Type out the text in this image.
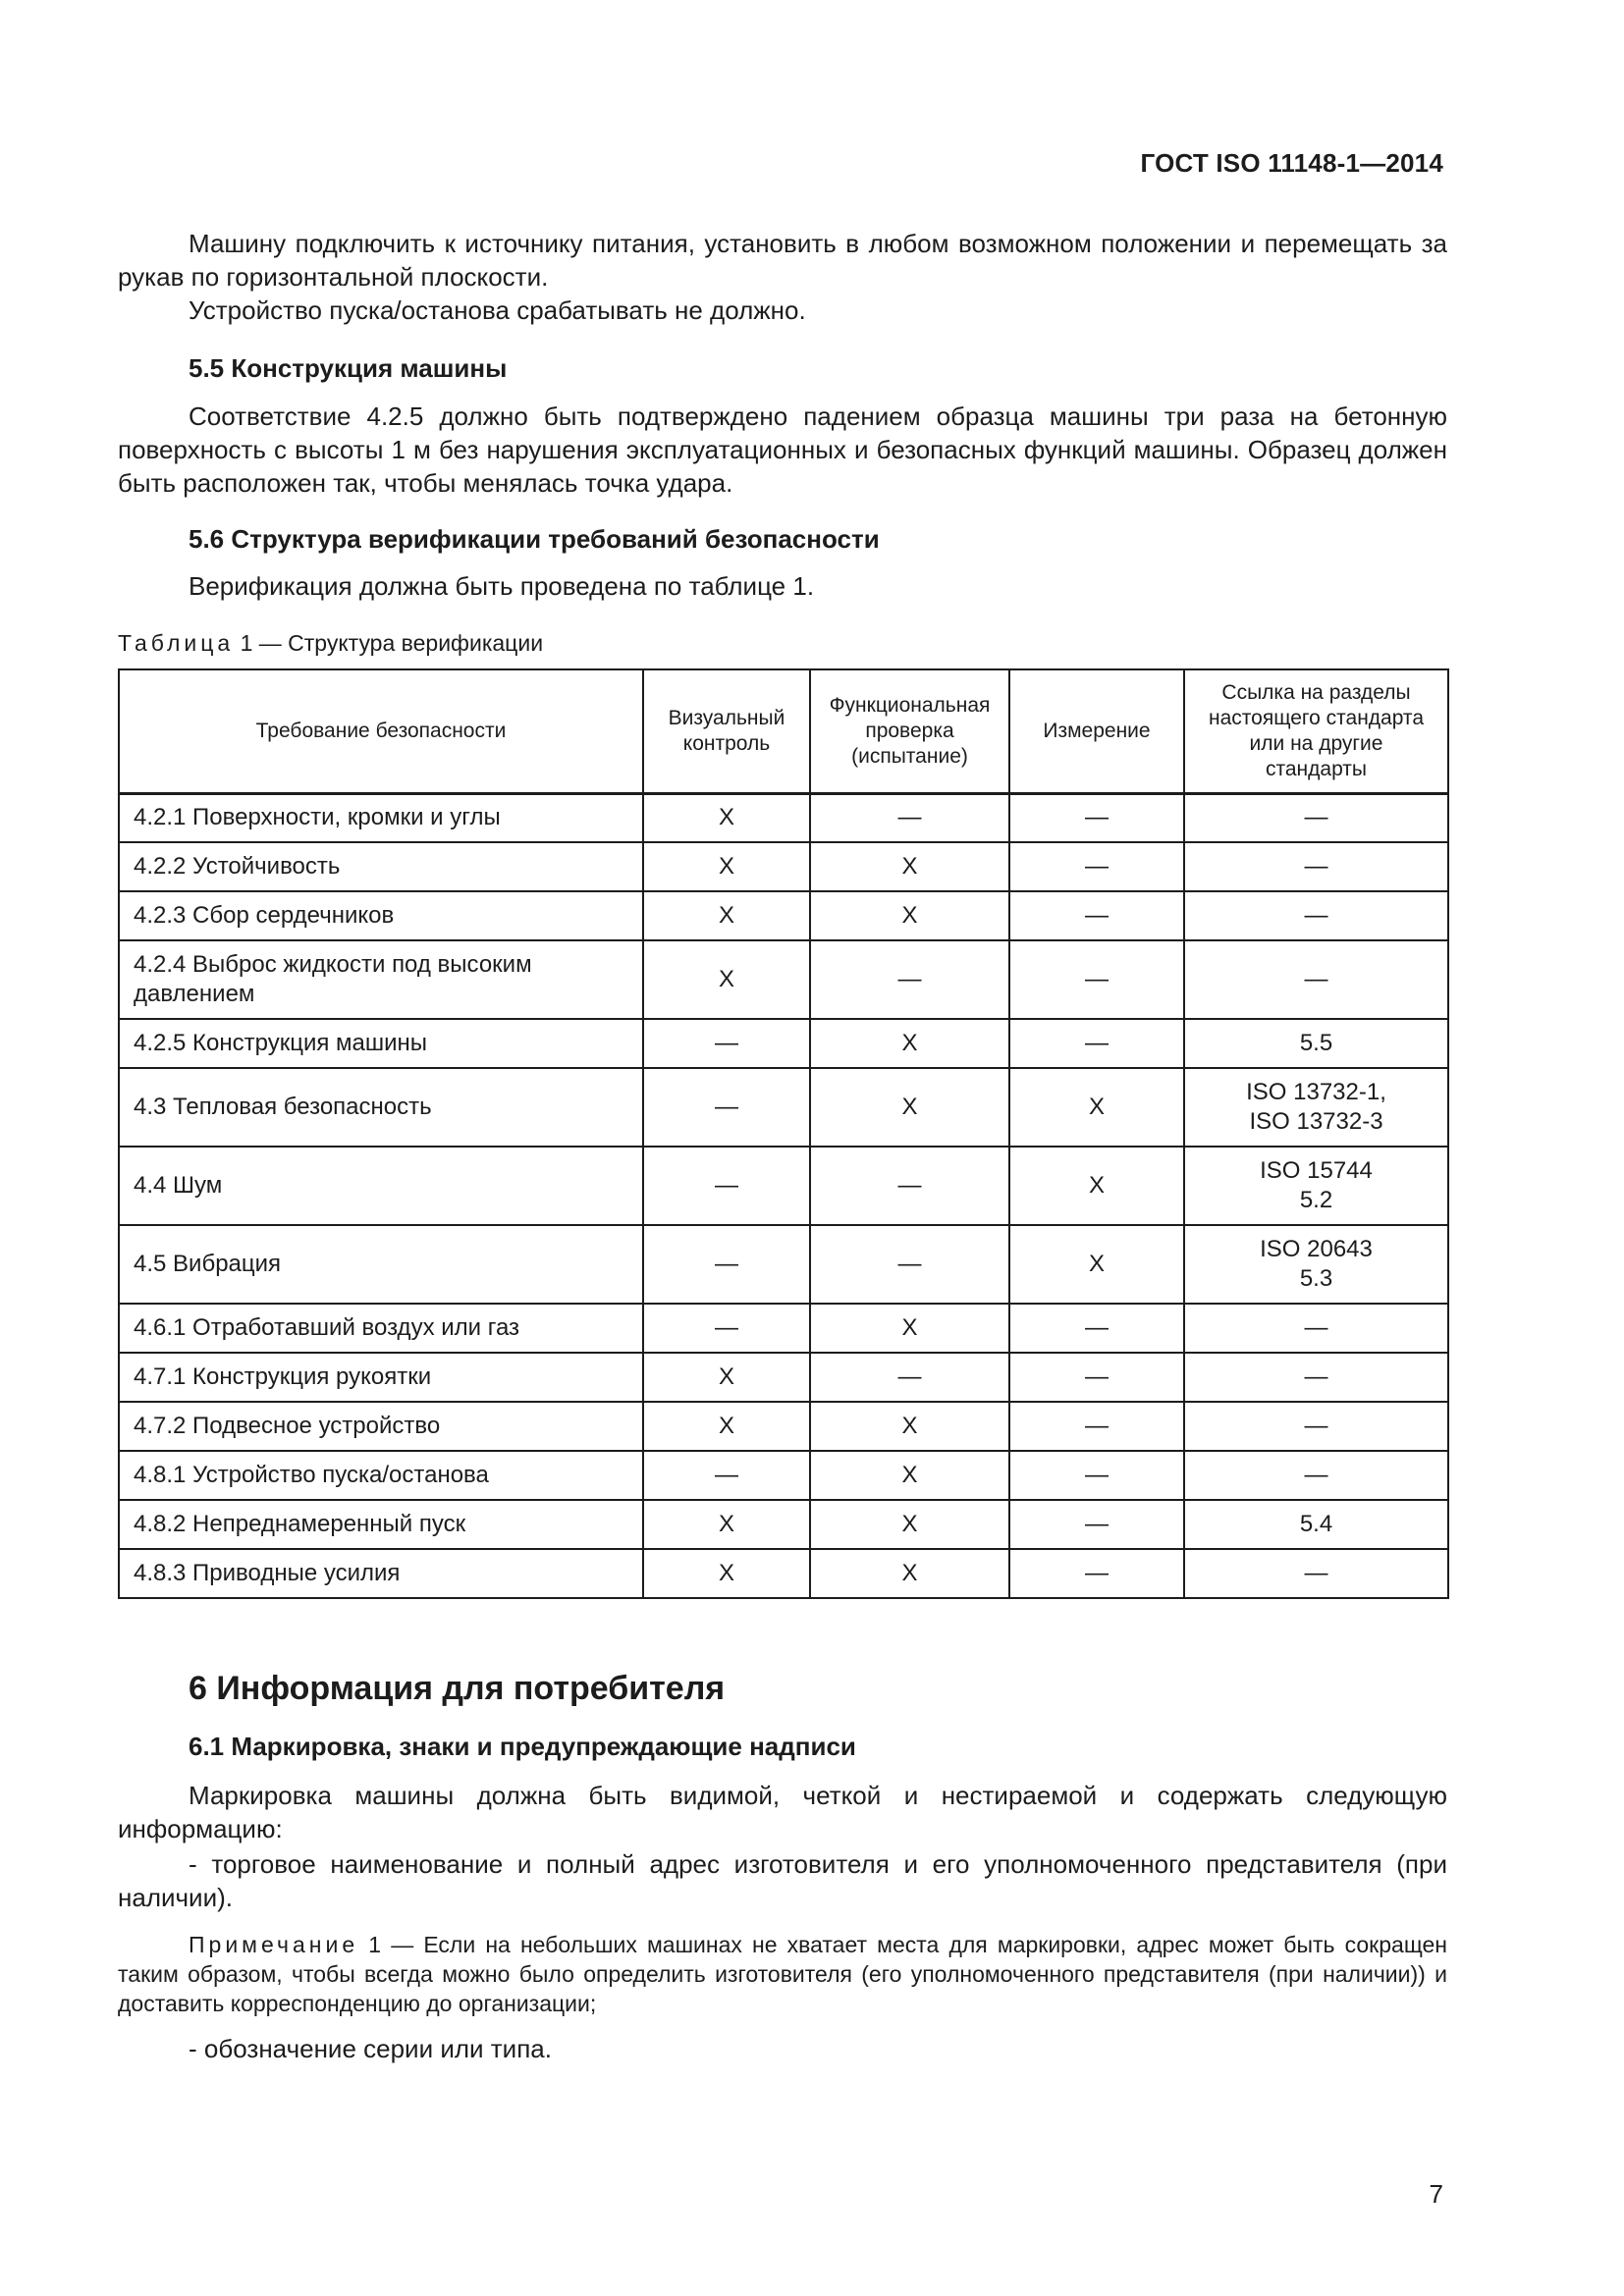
ГОСТ ISO 11148-1—2014

Машину подключить к источнику питания, установить в любом возможном положении и перемещать за рукав по горизонтальной плоскости.

Устройство пуска/останова срабатывать не должно.

5.5 Конструкция машины

Соответствие 4.2.5 должно быть подтверждено падением образца машины три раза на бетонную поверхность с высоты 1 м без нарушения эксплуатационных и безопасных функций машины. Образец должен быть расположен так, чтобы менялась точка удара.

5.6 Структура верификации требований безопасности

Верификация должна быть проведена по таблице 1.

Таблица 1 — Структура верификации
Требование безопасности	Визуальный контроль	Функциональная проверка (испытание)	Измерение	Ссылка на разделы настоящего стандарта или на другие стандарты
4.2.1 Поверхности, кромки и углы	X	—	—	—
4.2.2 Устойчивость	X	X	—	—
4.2.3 Сбор сердечников	X	X	—	—
4.2.4 Выброс жидкости под высоким давлением	X	—	—	—
4.2.5 Конструкция машины	—	X	—	5.5
4.3 Тепловая безопасность	—	X	X	ISO 13732-1,
ISO 13732-3
4.4 Шум	—	—	X	ISO 15744
5.2
4.5 Вибрация	—	—	X	ISO 20643
5.3
4.6.1 Отработавший воздух или газ	—	X	—	—
4.7.1 Конструкция рукоятки	X	—	—	—
4.7.2 Подвесное устройство	X	X	—	—
4.8.1 Устройство пуска/останова	—	X	—	—
4.8.2 Непреднамеренный пуск	X	X	—	5.4
4.8.3 Приводные усилия	X	X	—	—
6 Информация для потребителя
6.1 Маркировка, знаки и предупреждающие надписи

Маркировка машины должна быть видимой, четкой и нестираемой и содержать следующую информацию:

- торговое наименование и полный адрес изготовителя и его уполномоченного представителя (при наличии).

Примечание 1 — Если на небольших машинах не хватает места для маркировки, адрес может быть сокращен таким образом, чтобы всегда можно было определить изготовителя (его уполномоченного представителя (при наличии)) и доставить корреспонденцию до организации;

- обозначение серии или типа.

7
